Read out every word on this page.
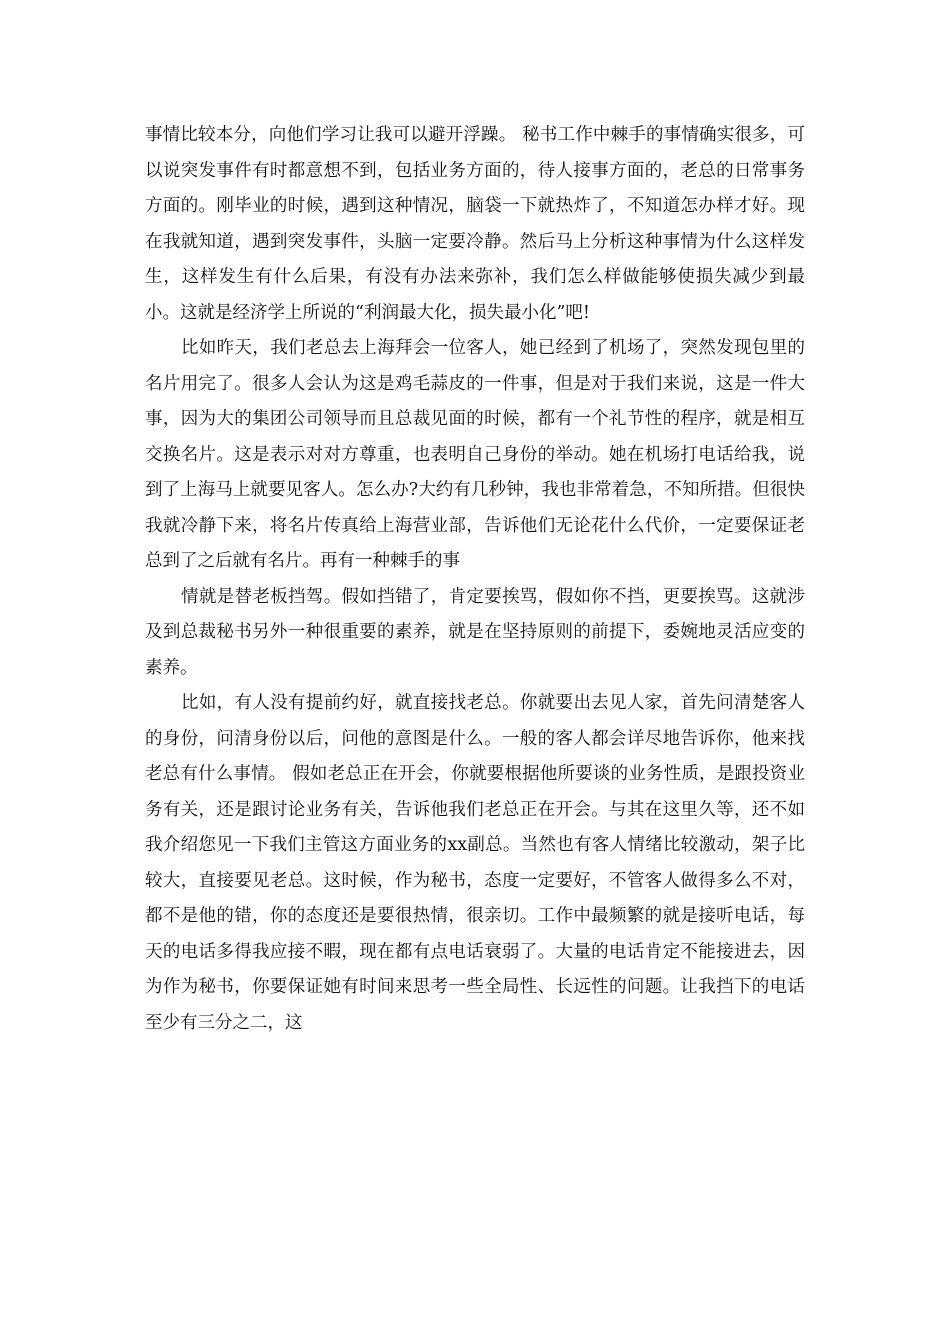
事情比较本分，向他们学习让我可以避开浮躁。 秘书工作中棘手的事情确实很多，可以说突发事件有时都意想不到，包括业务方面的，待人接事方面的，老总的日常事务方面的。刚毕业的时候，遇到这种情况，脑袋一下就热炸了，不知道怎办样才好。现在我就知道，遇到突发事件，头脑一定要冷静。然后马上分析这种事情为什么这样发生，这样发生有什么后果，有没有办法来弥补，我们怎么样做能够使损失减少到最小。这就是经济学上所说的“利润最大化，损失最小化”吧!

比如昨天，我们老总去上海拜会一位客人，她已经到了机场了，突然发现包里的名片用完了。很多人会认为这是鸡毛蒜皮的一件事，但是对于我们来说，这是一件大事，因为大的集团公司领导而且总裁见面的时候，都有一个礼节性的程序，就是相互交换名片。这是表示对对方尊重，也表明自己身份的举动。她在机场打电话给我，说到了上海马上就要见客人。怎么办?大约有几秒钟，我也非常着急，不知所措。但很快我就冷静下来，将名片传真给上海营业部，告诉他们无论花什么代价，一定要保证老总到了之后就有名片。再有一种棘手的事

情就是替老板挡驾。假如挡错了，肯定要挨骂，假如你不挡，更要挨骂。这就涉及到总裁秘书另外一种很重要的素养，就是在坚持原则的前提下，委婉地灵活应变的素养。

比如，有人没有提前约好，就直接找老总。你就要出去见人家，首先问清楚客人的身份，问清身份以后，问他的意图是什么。一般的客人都会详尽地告诉你，他来找老总有什么事情。 假如老总正在开会，你就要根据他所要谈的业务性质，是跟投资业务有关，还是跟讨论业务有关，告诉他我们老总正在开会。与其在这里久等，还不如我介绍您见一下我们主管这方面业务的xx副总。当然也有客人情绪比较激动，架子比较大，直接要见老总。这时候，作为秘书，态度一定要好，不管客人做得多么不对，都不是他的错，你的态度还是要很热情，很亲切。工作中最频繁的就是接听电话，每天的电话多得我应接不暇，现在都有点电话衰弱了。大量的电话肯定不能接进去，因为作为秘书，你要保证她有时间来思考一些全局性、长远性的问题。让我挡下的电话至少有三分之二，这
